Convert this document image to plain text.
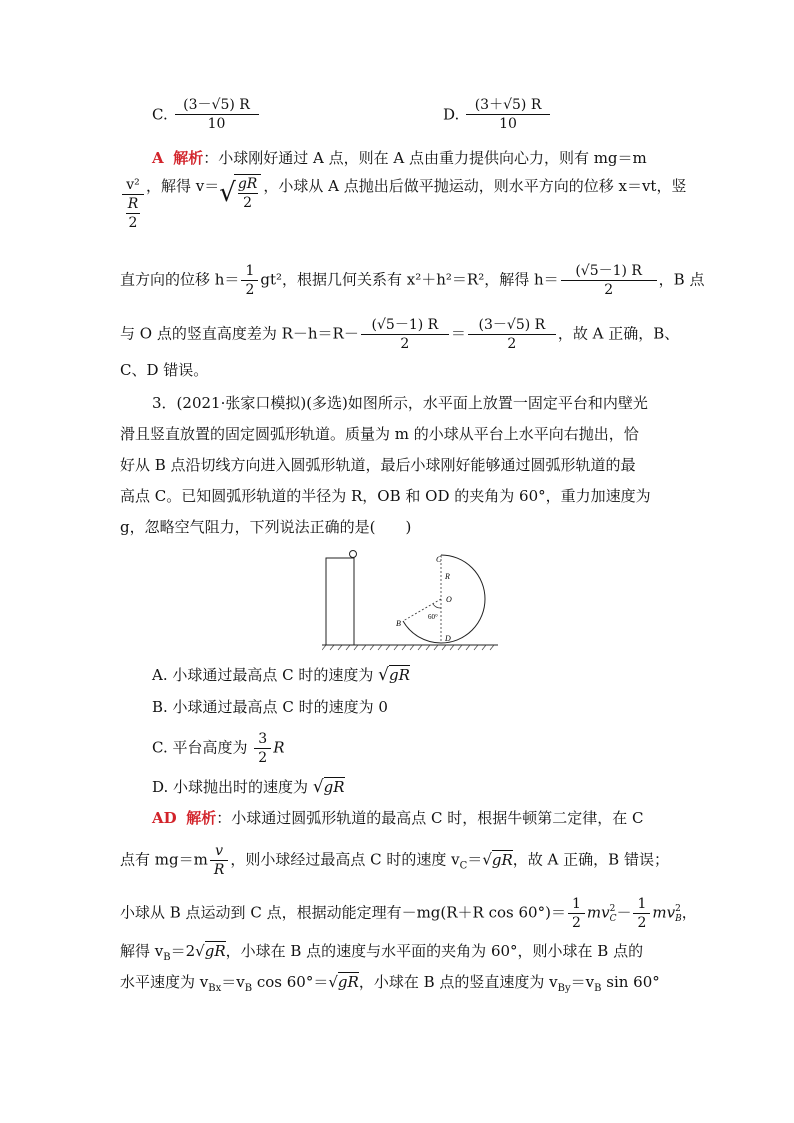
C. $\frac{(3-√5) R}{10}$	D. $\frac{(3+√5) R}{10}$
A 解析：小球刚好通过 A 点，则在 A 点由重力提供向心力，则有 mg＝m
v²
R
2
，解得 v＝√
$\frac{gR}{2}$ ，小球从 A 点抛出后做平抛运动，则水平方向的位移 x＝vt，竖
直方向的位移 $h= \frac{1}{2} gt^2$，根据几何关系有 x²＋h²＝R²，解得 $h= \frac{(√5-1) R}{2}$ ，B 点
与 O 点的竖直高度差为 $R-h=R- \frac{(√5-1) R}{2} = \frac{(3-√5) R}{2}$ ，故 A 正确，B、
C、D 错误。
3．(2021·张家口模拟)(多选)如图所示，水平面上放置一固定平台和内壁光
滑且竖直放置的固定圆弧形轨道。质量为 m 的小球从平台上水平向右抛出，恰
好从 B 点沿切线方向进入圆弧形轨道，最后小球刚好能够通过圆弧形轨道的最
高点 C。已知圆弧形轨道的半径为 R，OB 和 OD 的夹角为 60°，重力加速度为
g，忽略空气阻力，下列说法正确的是(　　)
C
R
O
B
D
60°
A. 小球通过最高点 C 时的速度为 √gR
B. 小球通过最高点 C 时的速度为 0
C. 平台高度为 $\frac{3}{2}$ R
D. 小球抛出时的速度为 √gR
AD 解析：小球通过圆弧形轨道的最高点 C 时，根据牛顿第二定律，在 C
点有 $mg=m \frac{v}{R}$ ，则小球经过最高点 C 时的速度 $v_C=√gR$，故 A 正确，B 错误；
小球从 B 点运动到 C 点，根据动能定理有－mg(R＋R $\cos 60^\circ)= \frac{1}{2}$ mv 2
$C - \frac{1}{2}$ mv 2
B ，
解得 $v_B=2√gR$，小球在 B 点的速度与水平面的夹角为 60°，则小球在 B 点的
水平速度为 $v_{Bx}=v_B$ cos 60°＝√gR，小球在 B 点的竖直速度为 $v_{By}=v_B$ sin 60°
